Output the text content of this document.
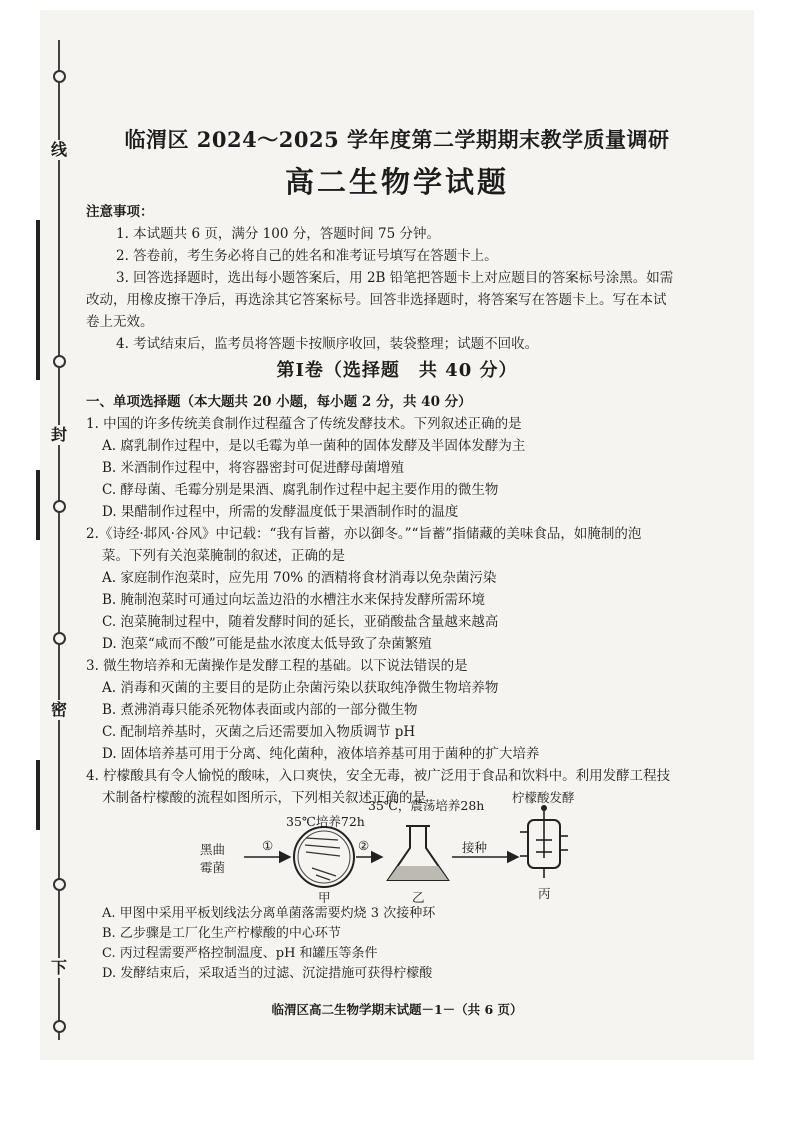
线
封
密
下
临渭区 2024～2025 学年度第二学期期末教学质量调研
高二生物学试题
注意事项：
1. 本试题共 6 页，满分 100 分，答题时间 75 分钟。
2. 答卷前，考生务必将自己的姓名和准考证号填写在答题卡上。
3. 回答选择题时，选出每小题答案后，用 2B 铅笔把答题卡上对应题目的答案标号涂黑。如需
改动，用橡皮擦干净后，再选涂其它答案标号。回答非选择题时，将答案写在答题卡上。写在本试
卷上无效。
4. 考试结束后，监考员将答题卡按顺序收回，装袋整理；试题不回收。
第Ⅰ卷（选择题　共 40 分）
一、单项选择题（本大题共 20 小题，每小题 2 分，共 40 分）
1. 中国的许多传统美食制作过程蕴含了传统发酵技术。下列叙述正确的是
A. 腐乳制作过程中，是以毛霉为单一菌种的固体发酵及半固体发酵为主
B. 米酒制作过程中，将容器密封可促进酵母菌增殖
C. 酵母菌、毛霉分别是果酒、腐乳制作过程中起主要作用的微生物
D. 果醋制作过程中，所需的发酵温度低于果酒制作时的温度
2.《诗经·邶风·谷风》中记载：“我有旨蓄，亦以御冬。”“旨蓄”指储藏的美味食品，如腌制的泡
菜。下列有关泡菜腌制的叙述，正确的是
A. 家庭制作泡菜时，应先用 70% 的酒精将食材消毒以免杂菌污染
B. 腌制泡菜时可通过向坛盖边沿的水槽注水来保持发酵所需环境
C. 泡菜腌制过程中，随着发酵时间的延长，亚硝酸盐含量越来越高
D. 泡菜“咸而不酸”可能是盐水浓度太低导致了杂菌繁殖
3. 微生物培养和无菌操作是发酵工程的基础。以下说法错误的是
A. 消毒和灭菌的主要目的是防止杂菌污染以获取纯净微生物培养物
B. 煮沸消毒只能杀死物体表面或内部的一部分微生物
C. 配制培养基时，灭菌之后还需要加入物质调节 pH
D. 固体培养基可用于分离、纯化菌种，液体培养基可用于菌种的扩大培养
4. 柠檬酸具有令人愉悦的酸味，入口爽快，安全无毒，被广泛用于食品和饮料中。利用发酵工程技
术制备柠檬酸的流程如图所示，下列相关叙述正确的是
黑曲
霉菌
①	②
35℃培养72h
35℃，震荡培养28h
接种
柠檬酸发酵
甲	乙	丙
A. 甲图中采用平板划线法分离单菌落需要灼烧 3 次接种环
B. 乙步骤是工厂化生产柠檬酸的中心环节
C. 丙过程需要严格控制温度、pH 和罐压等条件
D. 发酵结束后，采取适当的过滤、沉淀措施可获得柠檬酸
临渭区高二生物学期末试题－1－（共 6 页）
